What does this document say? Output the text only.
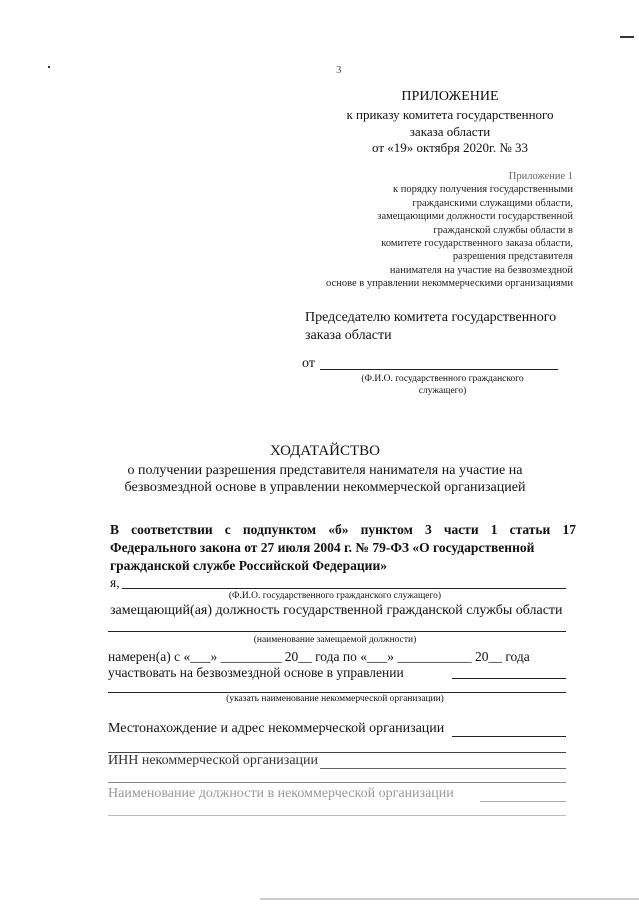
3
ПРИЛОЖЕНИЕ
к приказу комитета государственного
заказа области
от «19» октября 2020г. № 33
Приложение 1
к порядку получения государственными
гражданскими служащими области,
замещающими должности государственной
гражданской службы области в
комитете государственного заказа области,
разрешения представителя
нанимателя на участие на безвозмездной
основе в управлении некоммерческими организациями
Председателю комитета государственного
заказа области
от
(Ф.И.О. государственного гражданского
служащего)
ХОДАТАЙСТВО
о получении разрешения представителя нанимателя на участие на
безвозмездной основе в управлении некоммерческой организацией
В соответствии с подпунктом «б» пунктом 3 части 1 статьи 17
Федерального закона от 27 июля 2004 г. № 79-ФЗ «О государственной
гражданской службе Российской Федерации»
я,
(Ф.И.О. государственного гражданского служащего)
замещающий(ая) должность государственной гражданской службы области
(наименование замещаемой должности)
намерен(а) с «___» _________ 20__ года по «___» ___________ 20__ года
участвовать на безвозмездной основе в управлении
(указать наименование некоммерческой организации)
Местонахождение и адрес некоммерческой организации
ИНН некоммерческой организации
Наименование должности в некоммерческой организации
